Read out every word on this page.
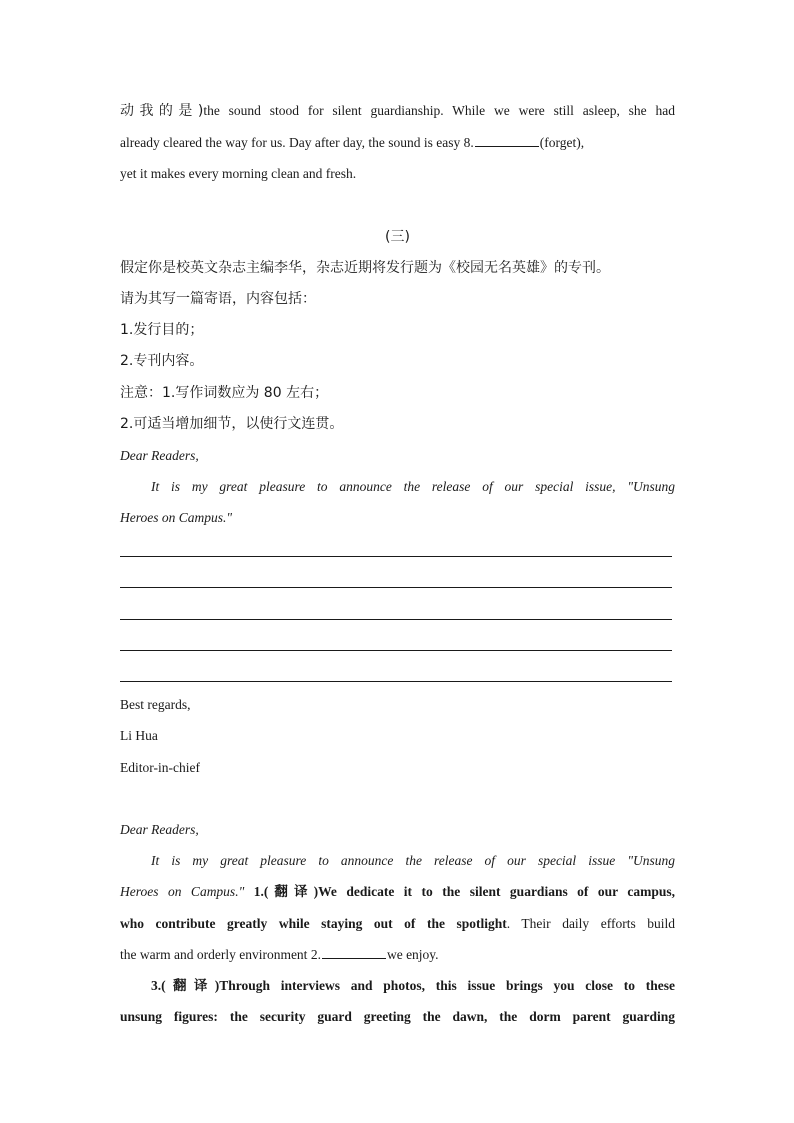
动我的是)the sound stood for silent guardianship. While we were still asleep, she had
already cleared the way for us. Day after day, the sound is easy 8.	(forget),
yet it makes every morning clean and fresh.
(三)
假定你是校英文杂志主编李华，杂志近期将发行题为《校园无名英雄》的专刊。
请为其写一篇寄语，内容包括：
1.发行目的；
2.专刊内容。
注意：1.写作词数应为 80 左右；
2.可适当增加细节，以使行文连贯。
Dear Readers,
It is my great pleasure to announce the release of our special issue, "Unsung
Heroes on Campus."
Best regards,
Li Hua
Editor-in-chief
Dear Readers,
It is my great pleasure to announce the release of our special issue "Unsung
Heroes on Campus." 1.(翻译)We dedicate it to the silent guardians of our campus,
who contribute greatly while staying out of the spotlight. Their daily efforts build
the warm and orderly environment 2.	we enjoy.
3.(翻译)Through interviews and photos, this issue brings you close to these
unsung figures: the security guard greeting the dawn, the dorm parent guarding
